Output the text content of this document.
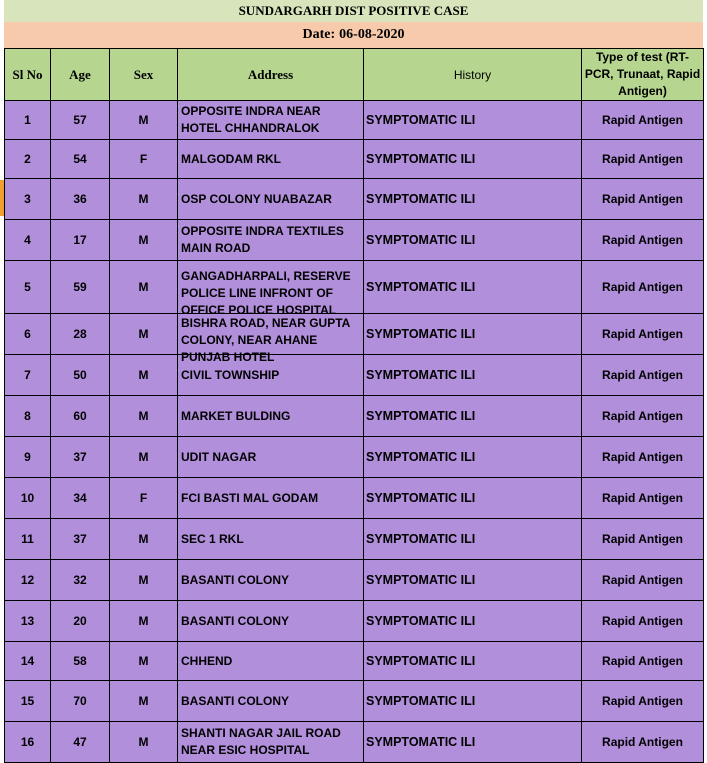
SUNDARGARH DIST POSITIVE CASE
Date: 06-08-2020
Sl No	Age	Sex	Address	History	Type of test (RT-PCR, Trunaat, Rapid Antigen)
1	57	M	OPPOSITE INDRA NEAR HOTEL CHHANDRALOK	SYMPTOMATIC ILI	Rapid Antigen
2	54	F	MALGODAM RKL	SYMPTOMATIC ILI	Rapid Antigen
3	36	M	OSP COLONY NUABAZAR	SYMPTOMATIC ILI	Rapid Antigen
4	17	M	OPPOSITE INDRA TEXTILES MAIN ROAD	SYMPTOMATIC ILI	Rapid Antigen
5	59	M	GANGADHARPALI, RESERVE POLICE LINE INFRONT OF OFFICE POLICE HOSPITAL	SYMPTOMATIC ILI	Rapid Antigen
6	28	M	BISHRA ROAD, NEAR GUPTA COLONY, NEAR AHANE PUNJAB HOTEL	SYMPTOMATIC ILI	Rapid Antigen
7	50	M	CIVIL TOWNSHIP	SYMPTOMATIC ILI	Rapid Antigen
8	60	M	MARKET BULDING	SYMPTOMATIC ILI	Rapid Antigen
9	37	M	UDIT NAGAR	SYMPTOMATIC ILI	Rapid Antigen
10	34	F	FCI BASTI MAL GODAM	SYMPTOMATIC ILI	Rapid Antigen
11	37	M	SEC 1 RKL	SYMPTOMATIC ILI	Rapid Antigen
12	32	M	BASANTI COLONY	SYMPTOMATIC ILI	Rapid Antigen
13	20	M	BASANTI COLONY	SYMPTOMATIC ILI	Rapid Antigen
14	58	M	CHHEND	SYMPTOMATIC ILI	Rapid Antigen
15	70	M	BASANTI COLONY	SYMPTOMATIC ILI	Rapid Antigen
16	47	M	SHANTI NAGAR JAIL ROAD NEAR ESIC HOSPITAL	SYMPTOMATIC ILI	Rapid Antigen
